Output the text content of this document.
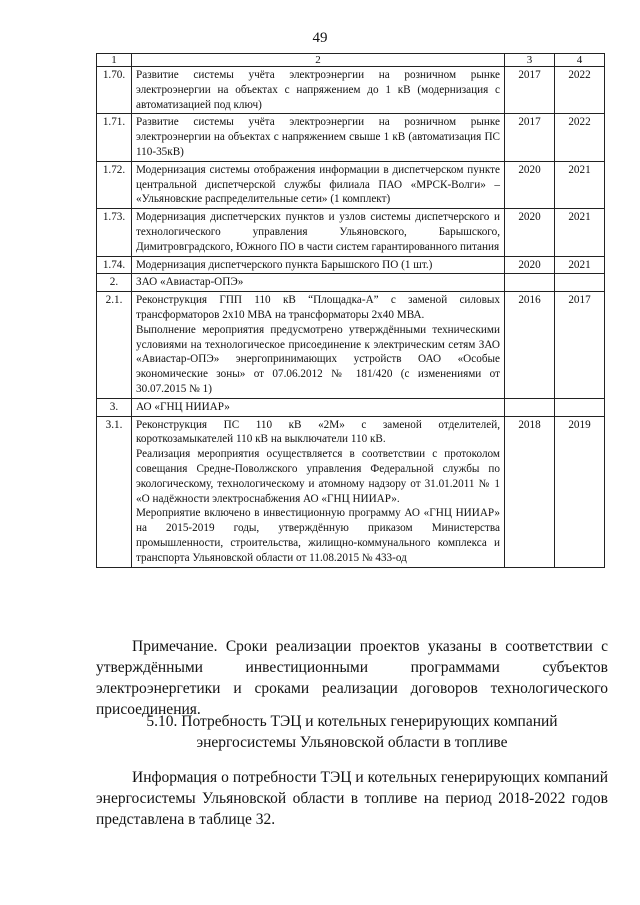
49
1	2	3	4
1.70.	Развитие системы учёта электроэнергии на розничном рынке электроэнергии на объектах с напряжением до 1 кВ (модернизация с автоматизацией под ключ)	2017	2022
1.71.	Развитие системы учёта электроэнергии на розничном рынке электроэнергии на объектах с напряжением свыше 1 кВ (автоматизация ПС 110-35кВ)	2017	2022
1.72.	Модернизация системы отображения информации в диспетчерском пункте центральной диспетчерской службы филиала ПАО «МРСК-Волги» – «Ульяновские распределительные сети» (1 комплект)	2020	2021
1.73.	Модернизация диспетчерских пунктов и узлов системы диспетчерского и технологического управления Ульяновского, Барышского, Димитровградского, Южного ПО в части систем гарантированного питания	2020	2021
1.74.	Модернизация диспетчерского пункта Барышского ПО (1 шт.)	2020	2021
2.	ЗАО «Авиастар-ОПЭ»		

2.1.	Реконструкция ГПП 110 кВ “Площадка-А” с заменой силовых трансформаторов 2х10 МВА на трансформаторы 2х40 МВА.

Выполнение мероприятия предусмотрено утверждёнными техническими условиями на технологическое присоединение к электрическим сетям ЗАО «Авиастар-ОПЭ» энергопринимающих устройств ОАО «Особые экономические зоны» от 07.06.2012 № 181/420 (с изменениями от 30.07.2015 № 1)	2016	2017
3.	АО «ГНЦ НИИАР»		

3.1.	Реконструкция ПС 110 кВ «2М» с заменой отделителей, короткозамыкателей 110 кВ на выключатели 110 кВ.

Реализация мероприятия осуществляется в соответствии с протоколом совещания Средне-Поволжского управления Федеральной службы по экологическому, технологическому и атомному надзору от 31.01.2011 № 1 «О надёжности электроснабжения АО «ГНЦ НИИАР».

Мероприятие включено в инвестиционную программу АО «ГНЦ НИИАР» на 2015-2019 годы, утверждённую приказом Министерства промышленности, строительства, жилищно-коммунального комплекса и транспорта Ульяновской области от 11.08.2015 № 433-од	2018	2019

Примечание. Сроки реализации проектов указаны в соответствии с утверждёнными инвестиционными программами субъектов электроэнергетики и сроками реализации договоров технологического присоединения.

5.10. Потребность ТЭЦ и котельных генерирующих компаний
энергосистемы Ульяновской области в топливе

Информация о потребности ТЭЦ и котельных генерирующих компаний энергосистемы Ульяновской области в топливе на период 2018-2022 годов представлена в таблице 32.
